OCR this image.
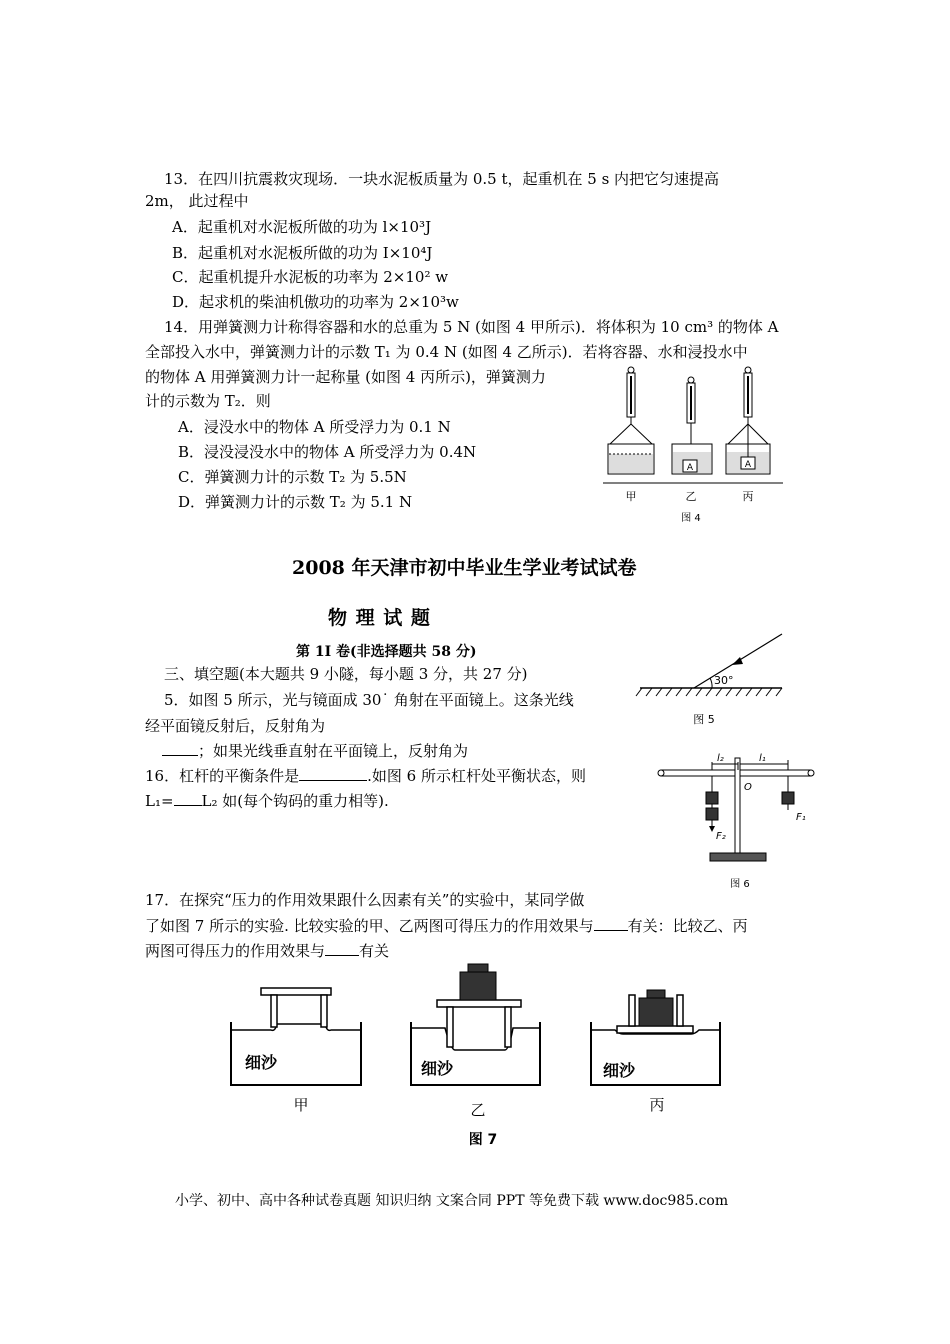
13．在四川抗震救灾现场．一块水泥板质量为 0.5 t，起重机在 5 s 内把它匀速提高
2m， 此过程中
A．起重机对水泥板所做的功为 l×10³J
B．起重机对水泥板所做的功为 I×10⁴J
C．起重机提升水泥板的功率为 2×10² w
D．起求机的柴油机傲功的功率为 2×10³w
14．用弹簧测力计称得容器和水的总重为 5 N (如图 4 甲所示)．将体积为 10 cm³ 的物体 A
全部投入水中，弹簧测力计的示数 T₁ 为 0.4 N (如图 4 乙所示)．若将容器、水和浸投水中
的物体 A 用弹簧测力计一起称量 (如图 4 丙所示)，弹簧测力
计的示数为 T₂．则
A．浸没水中的物体 A 所受浮力为 0.1 N
B．浸没浸没水中的物体 A 所受浮力为 0.4N
C．弹簧测力计的示数 T₂ 为 5.5N
D．弹簧测力计的示数 T₂ 为 5.1 N
A	A
甲	乙	丙
图 4
2008 年天津市初中毕业生学业考试试卷
物 理 试 题
第 1I 卷(非选择题共 58 分)
三、填空题(本大题共 9 小隧，每小题 3 分，共 27 分)	30°
图 5
5．如图 5 所示，光与镜面成 30˙ 角射在平面镜上。这条光线
经平面镜反射后，反射角为
；如果光线垂直射在平面镜上，反射角为
16．杠杆的平衡条件是	.如图 6 所示杠杆处平衡状态，则
L₁= L₂ 如(每个钩码的重力相等).
l₂	l₁
O
F₂
F₁
图 6
17．在探究“压力的作用效果跟什么因素有关”的实验中，某同学做
了如图 7 所示的实验. 比较实验的甲、乙两图可得压力的作用效果与 有关：比较乙、丙
两图可得压力的作用效果与 有关
细沙	细沙	细沙
甲	乙	丙
图 7
小学、初中、高中各种试卷真题 知识归纳 文案合同 PPT 等免费下载 www.doc985.com
